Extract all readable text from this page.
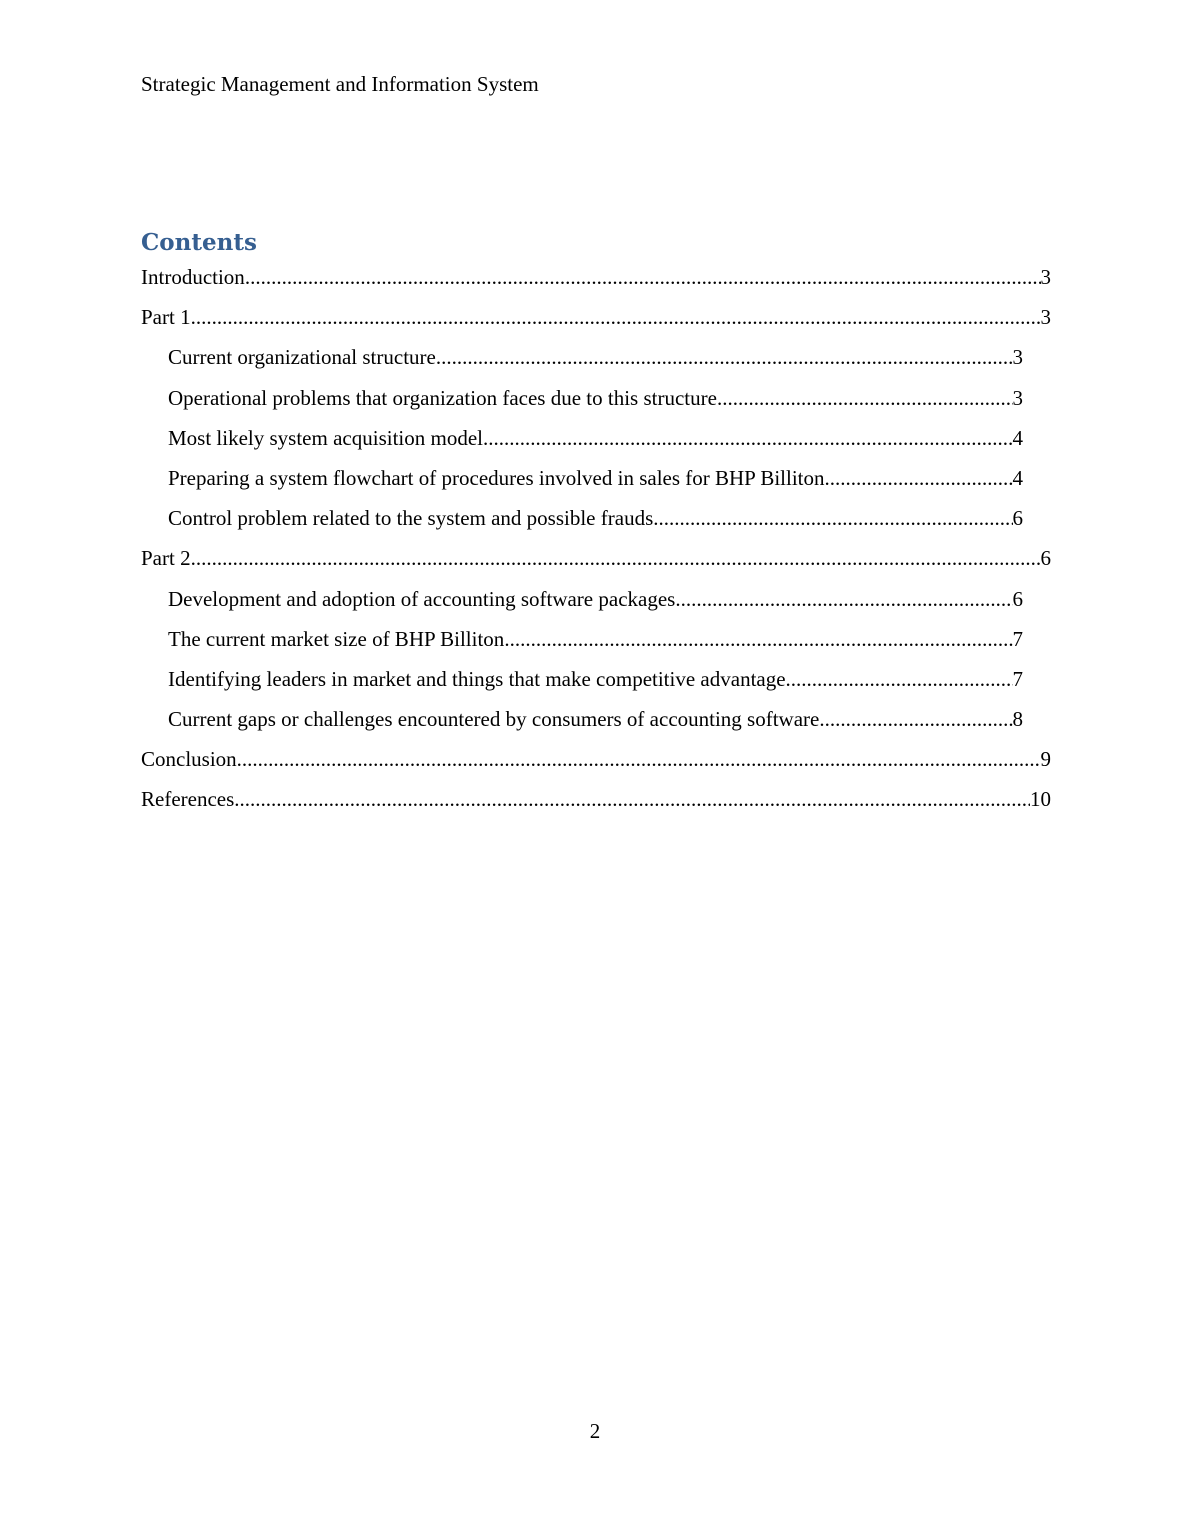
Strategic Management and Information System
Contents
Introduction .....	3
Part 1 .....	3
Current organizational structure .....	3
Operational problems that organization faces due to this structure .....	3
Most likely system acquisition model .....	4
Preparing a system flowchart of procedures involved in sales for BHP Billiton .....	4
Control problem related to the system and possible frauds .....	6
Part 2 .....	6
Development and adoption of accounting software packages .....	6
The current market size of BHP Billiton .....	7
Identifying leaders in market and things that make competitive advantage .....	7
Current gaps or challenges encountered by consumers of accounting software .....	8
Conclusion .....	9
References .....	10
2
